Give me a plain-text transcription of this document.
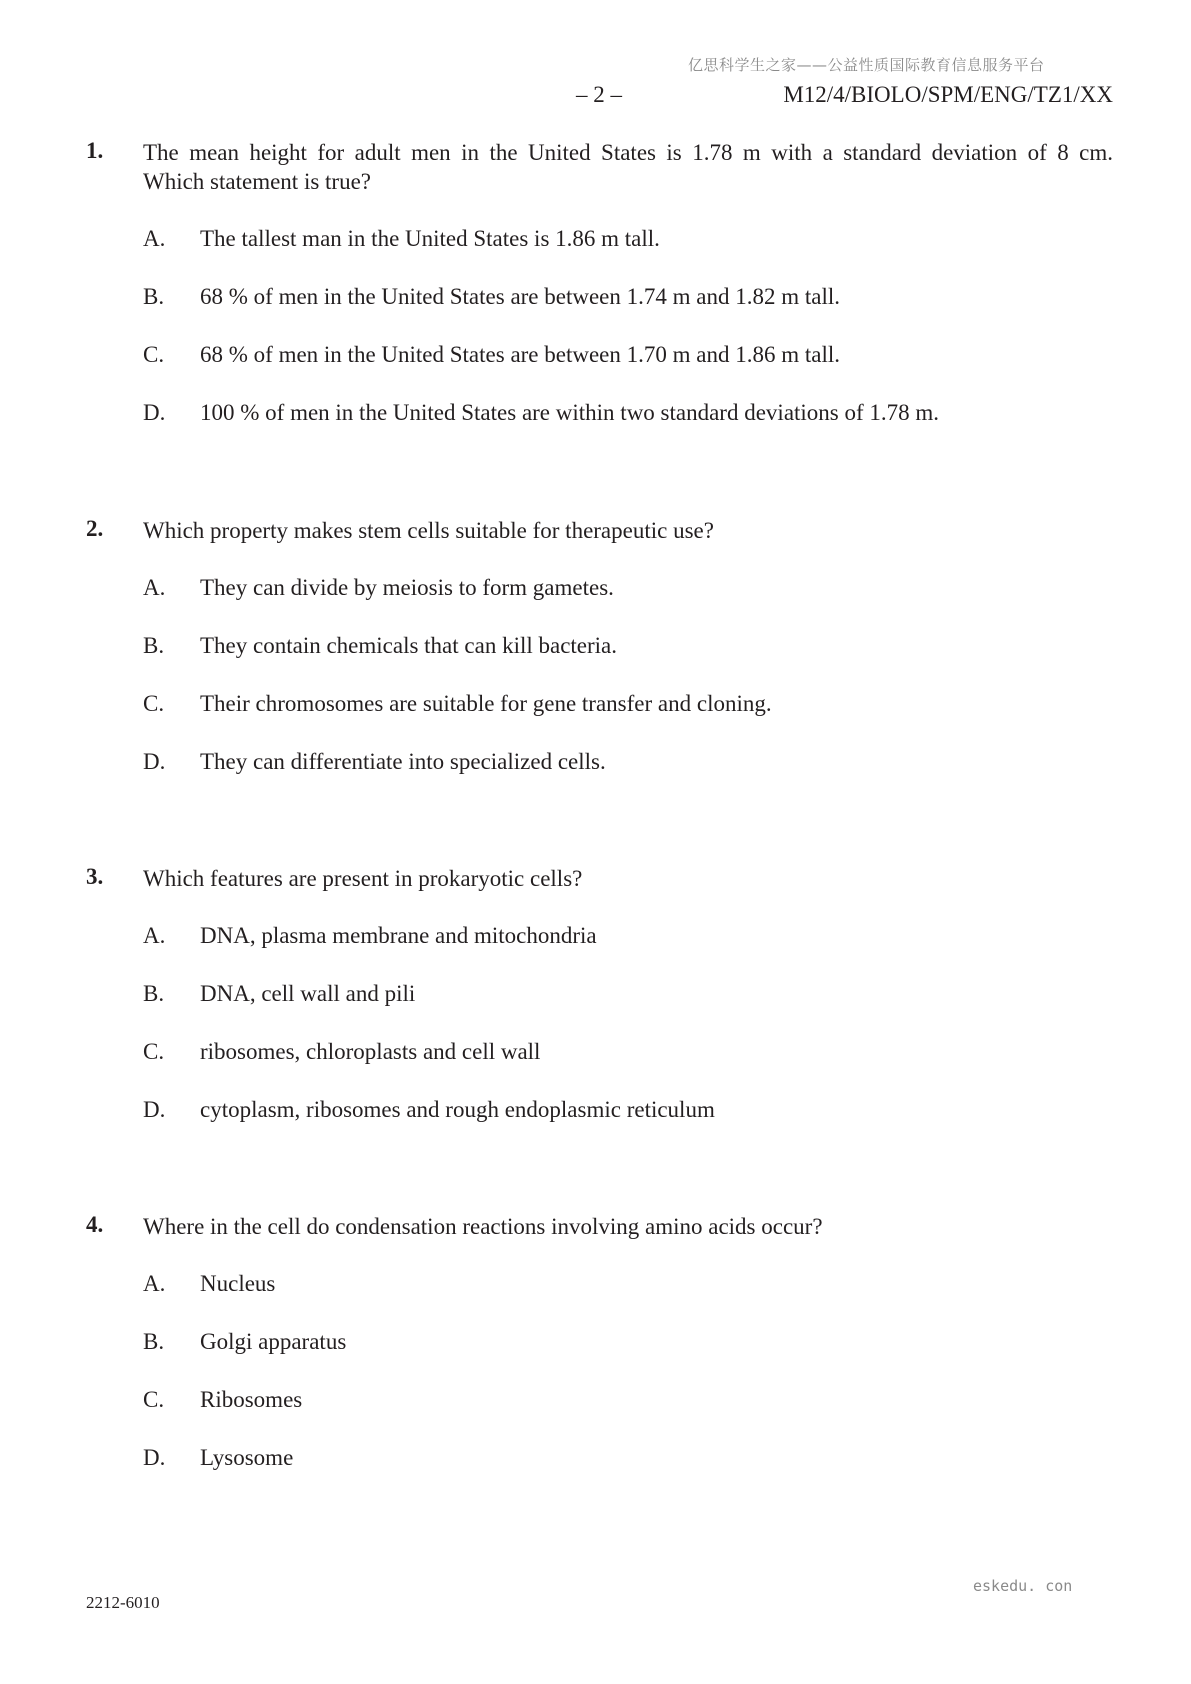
亿思科学生之家——公益性质国际教育信息服务平台
– 2 –	M12/4/BIOLO/SPM/ENG/TZ1/XX
1. The mean height for adult men in the United States is 1.78 m with a standard deviation of 8 cm.
Which statement is true?
A. The tallest man in the United States is 1.86 m tall.
B. 68 % of men in the United States are between 1.74 m and 1.82 m tall.
C. 68 % of men in the United States are between 1.70 m and 1.86 m tall.
D. 100 % of men in the United States are within two standard deviations of 1.78 m.
2. Which property makes stem cells suitable for therapeutic use?
A. They can divide by meiosis to form gametes.
B. They contain chemicals that can kill bacteria.
C. Their chromosomes are suitable for gene transfer and cloning.
D. They can differentiate into specialized cells.
3. Which features are present in prokaryotic cells?
A. DNA, plasma membrane and mitochondria
B. DNA, cell wall and pili
C. ribosomes, chloroplasts and cell wall
D. cytoplasm, ribosomes and rough endoplasmic reticulum
4. Where in the cell do condensation reactions involving amino acids occur?
A. Nucleus
B. Golgi apparatus
C. Ribosomes
D. Lysosome
2212-6010
eskedu. con
